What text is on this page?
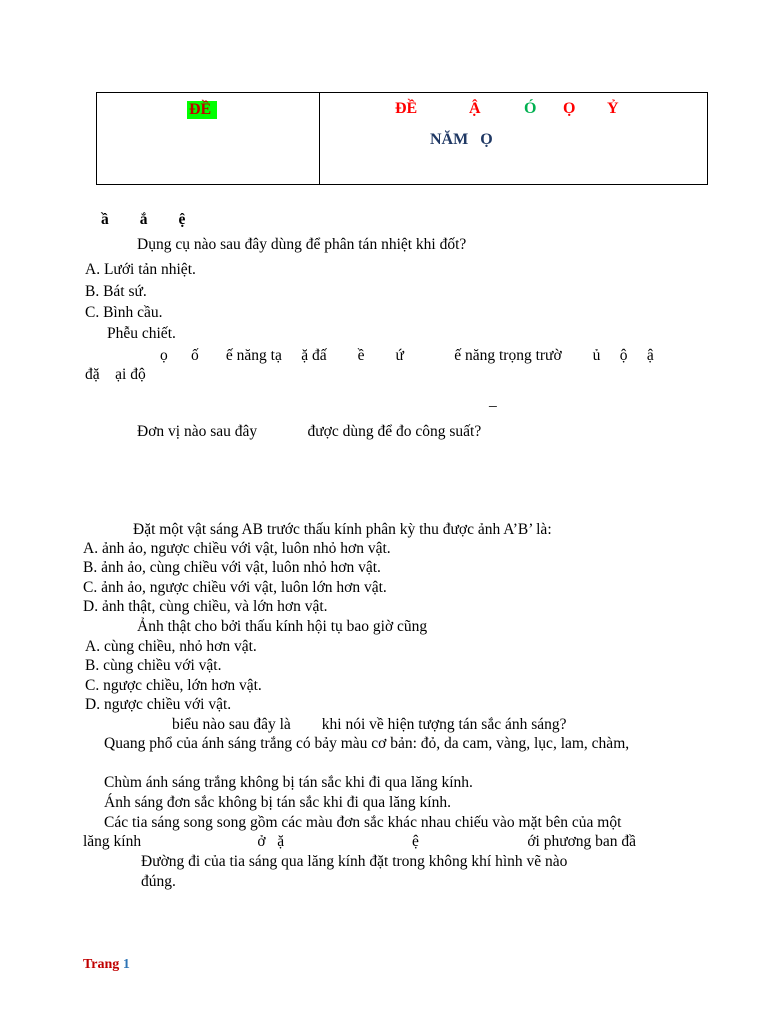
ĐỀ	ĐỀ	Ậ	Ó Ọ Ỷ
NĂM   Ọ
ầ        ắ        ệ
Dụng cụ nào sau đây dùng để phân tán nhiệt khi đốt?
A. Lưới tản nhiệt.
B. Bát sứ.
C. Bình cầu.
Phễu chiết.
ọ      ố       ế năng tạ     ặ đấ        ề        ứ             ế năng trọng trườ        ủ     ộ     ậ
đặ    ại độ
_
Đơn vị nào sau đây             được dùng để đo công suất?
Đặt một vật sáng AB trước thấu kính phân kỳ thu được ảnh A’B’ là:
A. ảnh ảo, ngược chiều với vật, luôn nhỏ hơn vật.
B. ảnh ảo, cùng chiều với vật, luôn nhỏ hơn vật.
C. ảnh ảo, ngược chiều với vật, luôn lớn hơn vật.
D. ảnh thật, cùng chiều, và lớn hơn vật.
Ảnh thật cho bởi thấu kính hội tụ bao giờ cũng
A. cùng chiều, nhỏ hơn vật.
B. cùng chiều với vật.
C. ngược chiều, lớn hơn vật.
D. ngược chiều với vật.
biểu nào sau đây là        khi nói về hiện tượng tán sắc ánh sáng?
Quang phổ của ánh sáng trắng có bảy màu cơ bản: đỏ, da cam, vàng, lục, lam, chàm,
Chùm ánh sáng trắng không bị tán sắc khi đi qua lăng kính.
Ánh sáng đơn sắc không bị tán sắc khi đi qua lăng kính.
Các tia sáng song song gồm các màu đơn sắc khác nhau chiếu vào mặt bên của một
lăng kính                              ở   ặ                                 ệ                            ới phương ban đầ
Đường đi của tia sáng qua lăng kính đặt trong không khí hình vẽ nào
đúng.
Trang 1
